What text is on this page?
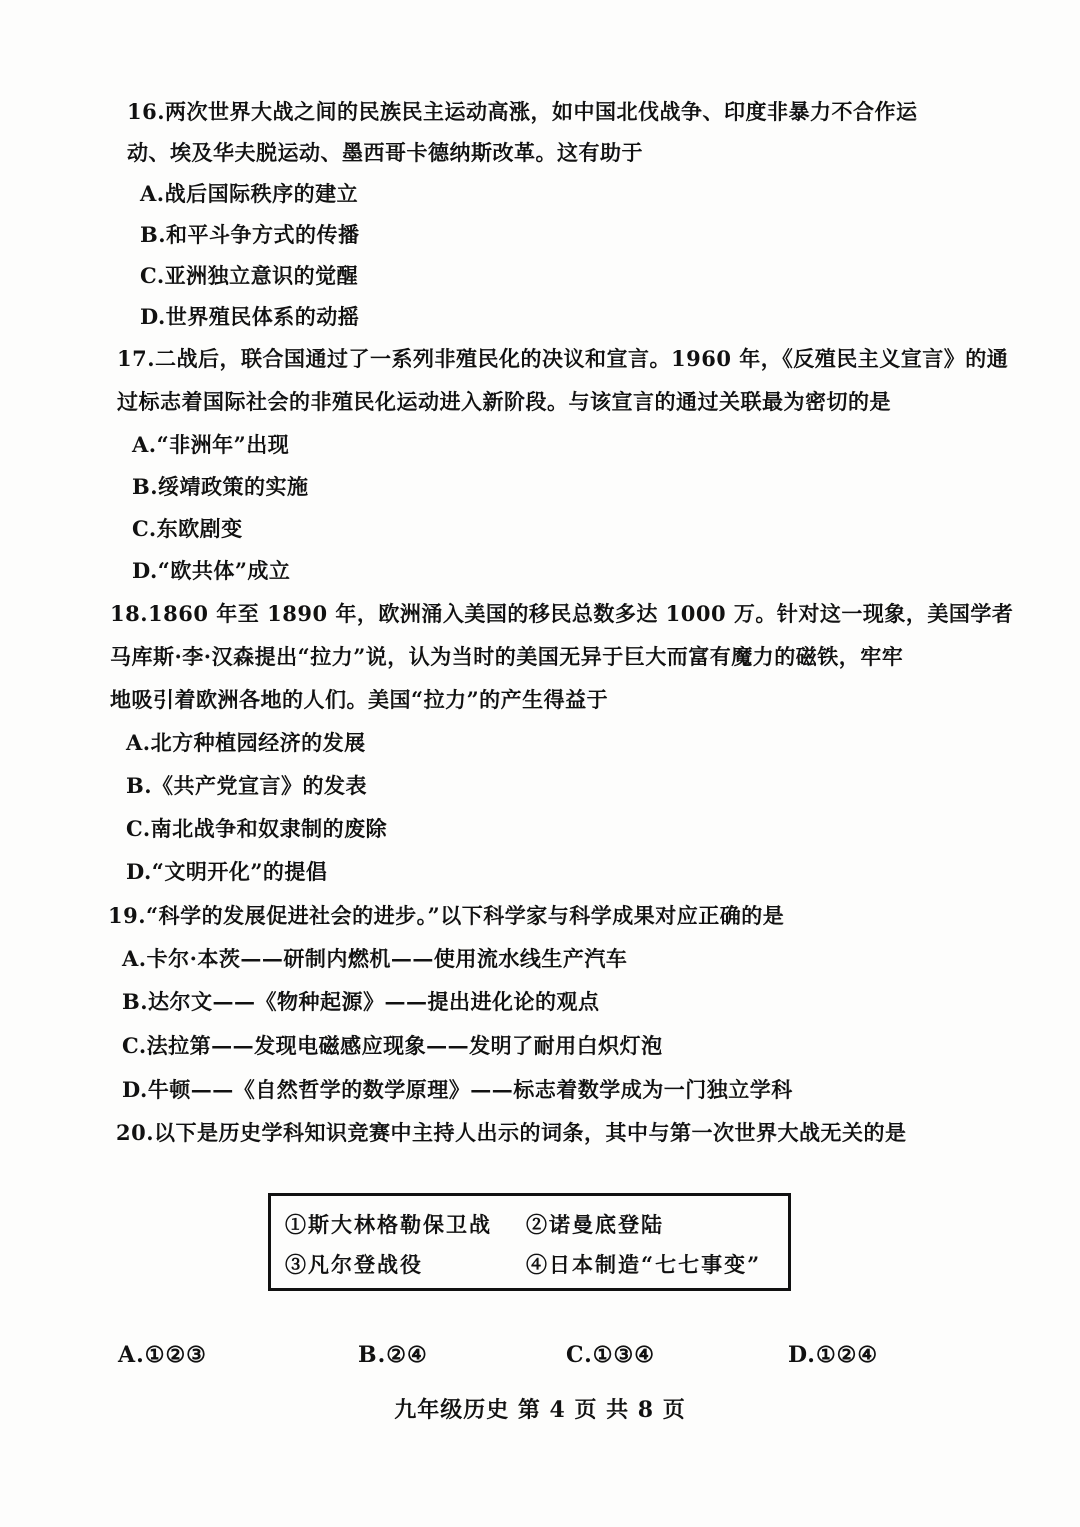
16.两次世界大战之间的民族民主运动高涨，如中国北伐战争、印度非暴力不合作运
动、埃及华夫脱运动、墨西哥卡德纳斯改革。这有助于
A.战后国际秩序的建立
B.和平斗争方式的传播
C.亚洲独立意识的觉醒
D.世界殖民体系的动摇
17.二战后，联合国通过了一系列非殖民化的决议和宣言。1960 年，《反殖民主义宣言》的通
过标志着国际社会的非殖民化运动进入新阶段。与该宣言的通过关联最为密切的是
A.“非洲年”出现
B.绥靖政策的实施
C.东欧剧变
D.“欧共体”成立
18.1860 年至 1890 年，欧洲涌入美国的移民总数多达 1000 万。针对这一现象，美国学者
马库斯·李·汉森提出“拉力”说，认为当时的美国无异于巨大而富有魔力的磁铁，牢牢
地吸引着欧洲各地的人们。美国“拉力”的产生得益于
A.北方种植园经济的发展
B.《共产党宣言》的发表
C.南北战争和奴隶制的废除
D.“文明开化”的提倡
19.“科学的发展促进社会的进步。”以下科学家与科学成果对应正确的是
A.卡尔·本茨——研制内燃机——使用流水线生产汽车
B.达尔文——《物种起源》——提出进化论的观点
C.法拉第——发现电磁感应现象——发明了耐用白炽灯泡
D.牛顿——《自然哲学的数学原理》——标志着数学成为一门独立学科
20.以下是历史学科知识竞赛中主持人出示的词条，其中与第一次世界大战无关的是
①斯大林格勒保卫战 ②诺曼底登陆
③凡尔登战役	④日本制造“七七事变”
A.①②③	B.②④	C.①③④	D.①②④
九年级历史 第 4 页 共 8 页
